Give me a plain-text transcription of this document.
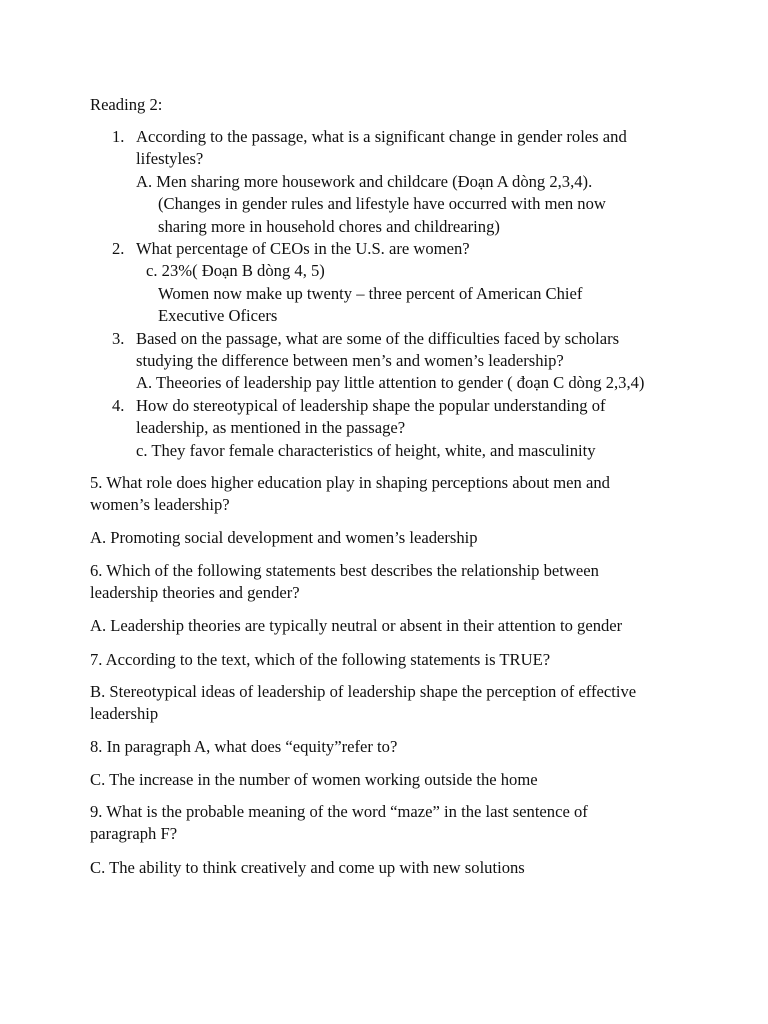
Reading 2:
1. According to the passage, what is a significant change in gender roles and
lifestyles?
A. Men sharing more housework and childcare (Đoạn A dòng 2,3,4).
(Changes in gender rules and lifestyle have occurred with men now
sharing more in household chores and childrearing)
2. What percentage of CEOs in the U.S. are women?
c. 23%( Đoạn B dòng 4, 5)
Women now make up twenty – three percent of American Chief
Executive Oficers
3. Based on the passage, what are some of the difficulties faced by scholars
studying the difference between men’s and women’s leadership?
A. Theeories of leadership pay little attention to gender ( đoạn C dòng 2,3,4)
4. How do stereotypical of leadership shape the popular understanding of
leadership, as mentioned in the passage?
c. They favor female characteristics of height, white, and masculinity
5. What role does higher education play in shaping perceptions about men and
women’s leadership?
A. Promoting social development and women’s leadership
6. Which of the following statements best describes the relationship between
leadership theories and gender?
A. Leadership theories are typically neutral or absent in their attention to gender
7. According to the text, which of the following statements is TRUE?
B. Stereotypical ideas of leadership of leadership shape the perception of effective
leadership
8. In paragraph A, what does “equity”refer to?
C. The increase in the number of women working outside the home
9. What is the probable meaning of the word “maze” in the last sentence of
paragraph F?
C. The ability to think creatively and come up with new solutions
